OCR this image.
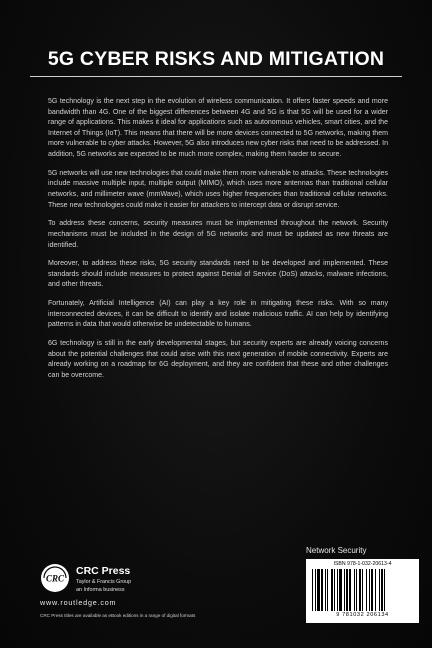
5G CYBER RISKS AND MITIGATION

5G technology is the next step in the evolution of wireless communication. It offers faster speeds and more bandwidth than 4G. One of the biggest differences between 4G and 5G is that 5G will be used for a wider range of applications. This makes it ideal for applications such as autonomous vehicles, smart cities, and the Internet of Things (IoT). This means that there will be more devices connected to 5G networks, making them more vulnerable to cyber attacks. However, 5G also introduces new cyber risks that need to be addressed. In addition, 5G networks are expected to be much more complex, making them harder to secure.

5G networks will use new technologies that could make them more vulnerable to attacks. These technologies include massive multiple input, multiple output (MIMO), which uses more antennas than traditional cellular networks, and millimeter wave (mmWave), which uses higher frequencies than traditional cellular networks. These new technologies could make it easier for attackers to intercept data or disrupt service.

To address these concerns, security measures must be implemented throughout the network. Security mechanisms must be included in the design of 5G networks and must be updated as new threats are identified.

Moreover, to address these risks, 5G security standards need to be developed and implemented. These standards should include measures to protect against Denial of Service (DoS) attacks, malware infections, and other threats.

Fortunately, Artificial Intelligence (AI) can play a key role in mitigating these risks. With so many interconnected devices, it can be difficult to identify and isolate malicious traffic. AI can help by identifying patterns in data that would otherwise be undetectable to humans.

6G technology is still in the early developmental stages, but security experts are already voicing concerns about the potential challenges that could arise with this next generation of mobile connectivity. Experts are already working on a roadmap for 6G deployment, and they are confident that these and other challenges can be overcome.

Network Security
ISBN 978-1-032-20613-4
9 781032 206134
CRC
CRC Press
Taylor & Francis Group
an Informa business
www.routledge.com
CRC Press titles are available as eBook editions in a range of digital formats
